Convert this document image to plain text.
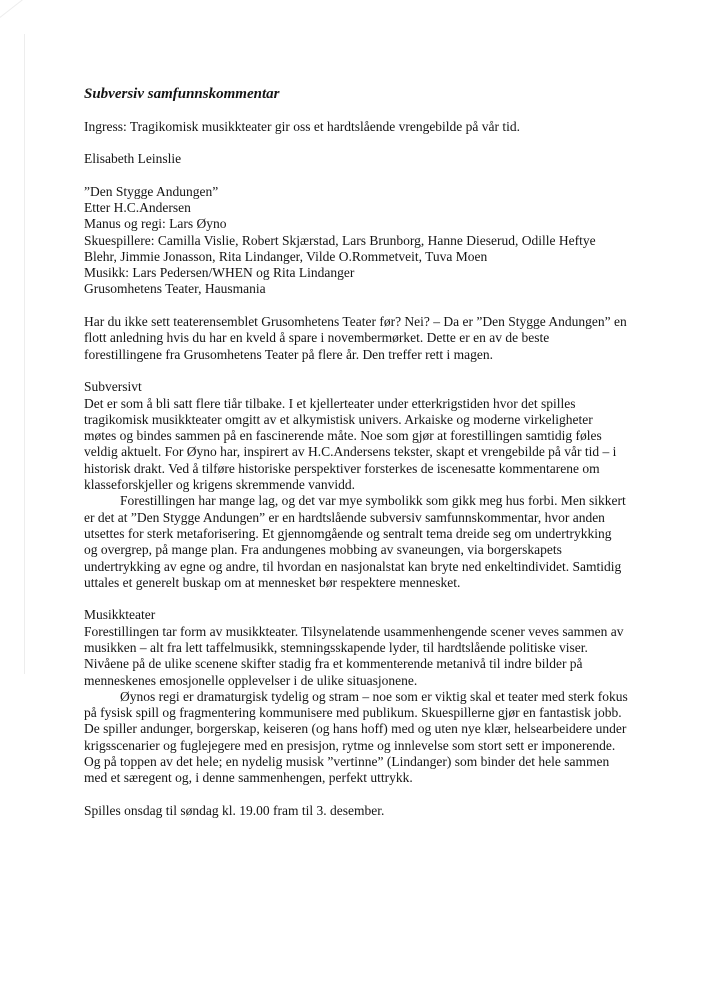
Subversiv samfunnskommentar
Ingress: Tragikomisk musikkteater gir oss et hardtslående vrengebilde på vår tid.
Elisabeth Leinslie
”Den Stygge Andungen”
Etter H.C.Andersen
Manus og regi: Lars Øyno
Skuespillere: Camilla Vislie, Robert Skjærstad, Lars Brunborg, Hanne Dieserud, Odille Heftye Blehr, Jimmie Jonasson, Rita Lindanger, Vilde O.Rommetveit, Tuva Moen
Musikk: Lars Pedersen/WHEN og Rita Lindanger
Grusomhetens Teater, Hausmania
Har du ikke sett teaterensemblet Grusomhetens Teater før? Nei? – Da er ”Den Stygge Andungen” en flott anledning hvis du har en kveld å spare i novembermørket. Dette er en av de beste forestillingene fra Grusomhetens Teater på flere år. Den treffer rett i magen.
Subversivt
Det er som å bli satt flere tiår tilbake. I et kjellerteater under etterkrigstiden hvor det spilles tragikomisk musikkteater omgitt av et alkymistisk univers. Arkaiske og moderne virkeligheter møtes og bindes sammen på en fascinerende måte. Noe som gjør at forestillingen samtidig føles veldig aktuelt. For Øyno har, inspirert av H.C.Andersens tekster, skapt et vrengebilde på vår tid – i historisk drakt. Ved å tilføre historiske perspektiver forsterkes de iscenesatte kommentarene om klasseforskjeller og krigens skremmende vanvidd.
Forestillingen har mange lag, og det var mye symbolikk som gikk meg hus forbi. Men sikkert er det at ”Den Stygge Andungen” er en hardtslående subversiv samfunnskommentar, hvor anden utsettes for sterk metaforisering. Et gjennomgående og sentralt tema dreide seg om undertrykking og overgrep, på mange plan. Fra andungenes mobbing av svaneungen, via borgerskapets undertrykking av egne og andre, til hvordan en nasjonalstat kan bryte ned enkeltindividet. Samtidig uttales et generelt buskap om at mennesket bør respektere mennesket.
Musikkteater
Forestillingen tar form av musikkteater. Tilsynelatende usammenhengende scener veves sammen av musikken – alt fra lett taffelmusikk, stemningsskapende lyder, til hardtslående politiske viser. Nivåene på de ulike scenene skifter stadig fra et kommenterende metanivå til indre bilder på menneskenes emosjonelle opplevelser i de ulike situasjonene.
Øynos regi er dramaturgisk tydelig og stram – noe som er viktig skal et teater med sterk fokus på fysisk spill og fragmentering kommunisere med publikum. Skuespillerne gjør en fantastisk jobb. De spiller andunger, borgerskap, keiseren (og hans hoff) med og uten nye klær, helsearbeidere under krigsscenarier og fuglejegere med en presisjon, rytme og innlevelse som stort sett er imponerende. Og på toppen av det hele; en nydelig musisk ”vertinne” (Lindanger) som binder det hele sammen med et særegent og, i denne sammenhengen, perfekt uttrykk.
Spilles onsdag til søndag kl. 19.00 fram til 3. desember.
